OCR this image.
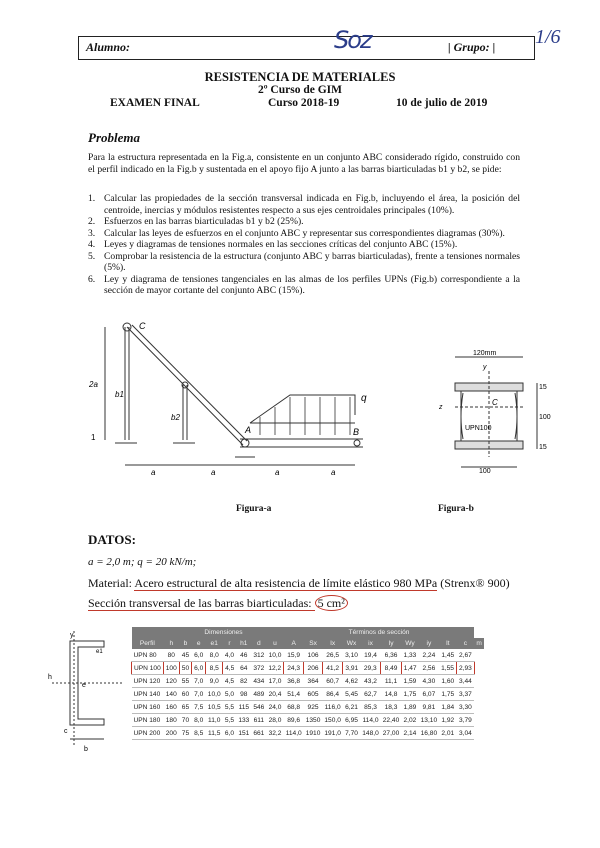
Alumno:	Soz	| Grupo: | 1/6
RESISTENCIA DE MATERIALES
2º Curso de GIM
EXAMEN FINAL	Curso 2018-19	10 de julio de 2019
Problema
Para la estructura representada en la Fig.a, consistente en un conjunto ABC considerado rígido, construido con el perfil indicado en la Fig.b y sustentada en el apoyo fijo A junto a las barras biarticuladas b1 y b2, se pide:
1. Calcular las propiedades de la sección transversal indicada en Fig.b, incluyendo el área, la posición del centroide, inercias y módulos resistentes respecto a sus ejes centroidales principales (10%).
2. Esfuerzos en las barras biarticuladas b1 y b2 (25%).
3. Calcular las leyes de esfuerzos en el conjunto ABC y representar sus correspondientes diagramas (30%).
4. Leyes y diagramas de tensiones normales en las secciones críticas del conjunto ABC (15%).
5. Comprobar la resistencia de la estructura (conjunto ABC y barras biarticuladas), frente a tensiones normales (5%).
6. Ley y diagrama de tensiones tangenciales en las almas de los perfiles UPNs (Fig.b) correspondiente a la sección de mayor cortante del conjunto ABC (15%).
C
b1
b2
A	B
q
2a
1
a	a	a	a
Figura-a
120mm
y
z
C
UPN100
15
100
15
100
Figura-b
DATOS:
a = 2,0 m; q = 20 kN/m;
Material: Acero estructural de alta resistencia de límite elástico 980 MPa (Strenx® 900)
Sección transversal de las barras biarticuladas: 5 cm²
y
h
e
e1
b
c
	Dimensiones								Términos de sección										
Perfil	h	b	e	e1	r	h1	d	u	A	Sx	Ix	Wx	ix	Iy	Wy	iy	It	c	m
UPN 80	80	45	6,0	8,0	4,0	46	312	10,0	15,9	106	26,5	3,10	19,4	6,36	1,33	2,24	1,45	2,67	
UPN 100	100	50	6,0	8,5	4,5	64	372	12,2	24,3	206	41,2	3,91	29,3	8,49	1,47	2,56	1,55	2,93	
UPN 120	120	55	7,0	9,0	4,5	82	434	17,0	36,8	364	60,7	4,62	43,2	11,1	1,59	4,30	1,60	3,44	
UPN 140	140	60	7,0	10,0	5,0	98	489	20,4	51,4	605	86,4	5,45	62,7	14,8	1,75	6,07	1,75	3,37	
UPN 160	160	65	7,5	10,5	5,5	115	546	24,0	68,8	925	116,0	6,21	85,3	18,3	1,89	9,81	1,84	3,30	
UPN 180	180	70	8,0	11,0	5,5	133	611	28,0	89,6	1350	150,0	6,95	114,0	22,40	2,02	13,10	1,92	3,79	
UPN 200	200	75	8,5	11,5	6,0	151	661	32,2	114,0	1910	191,0	7,70	148,0	27,00	2,14	16,80	2,01	3,04	
